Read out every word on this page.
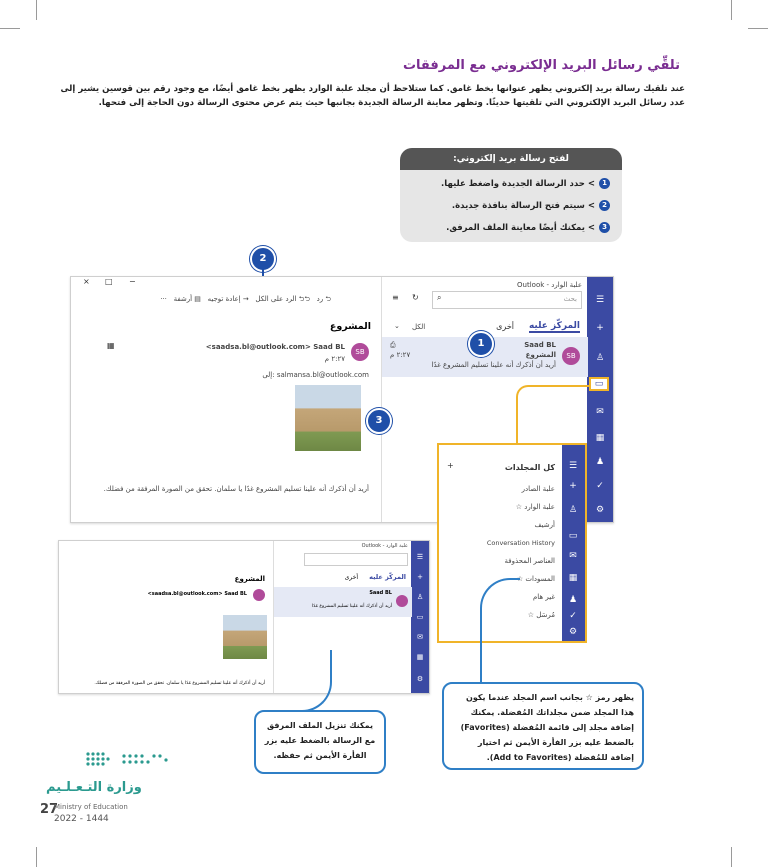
تلقِّي رسائل البريد الإلكتروني مع المرفقات
عند تلقيك رسالة بريد إلكتروني يظهر عنوانها بخط غامق. كما ستلاحظ أن مجلد علبة الوارد يظهر بخط غامق أيضًا، مع وجود رقم بين قوسين يشير إلى عدد رسائل البريد الإلكتروني التي تلقيتها حديثًا. وتظهر معاينة الرسالة الجديدة بجانبها حيث يتم عرض محتوى الرسالة دون الحاجة إلى فتحها.
لفتح رسالة بريد إلكتروني:
1> حدد الرسالة الجديدة واضغط عليها.
2> سيتم فتح الرسالة بنافذة جديدة.
3> يمكنك أيضًا معاينة الملف المرفق.
2
☰
+
♙
▭
✉
▦
♟
✓
⚙
علبة الوارد - Outlook
بحث
⌕
↻
≡
المركّز عليه
أخرى
الكل
⌄
SB
Saad BL
المشروع
أريد أن أذكرك أنه علينا تسليم المشروع غدًا
⎙
٢:٢٧ م
× □ −
⮌ رد   ⮌⮌ الرد على الكل   → إعادة توجيه   ▤ أرشفة   ···
المشروع
SB
<saadsa.bl@outlook.com> Saad BL
٢:٢٧ م
▦
إلى: salmansa.bl@outlook.com
أريد أن أذكرك أنه علينا تسليم المشروع غدًا يا سلمان. تحقق من الصورة المرفقة من فضلك.
1
3
☰
+
♙
▭
✉
▦
♟
✓
⚙
كل المجلدات
+
علبة الصادر
علبة الوارد ☆
أرشيف
Conversation History
العناصر المحذوفة
المسودات ☆
غير هام
مُرسَل ☆
☰
+
♙
▭
✉
▦
⚙
علبة الوارد - Outlook
المركّز عليه
أخرى
Saad BL
أريد أن أذكرك أنه علينا تسليم المشروع غدًا
المشروع
<saadsa.bl@outlook.com> Saad BL
أريد أن أذكرك أنه علينا تسليم المشروع غدًا يا سلمان. تحقق من الصورة المرفقة من فضلك.
يظهر رمز ☆ بجانب اسم المجلد عندما يكون هذا المجلد ضمن مجلداتك المُفضلة. يمكنك إضافة مجلد إلى قائمة المُفضلة (Favorites) بالضغط عليه بزر الفأرة الأيمن ثم اختيار إضافة للمُفضلة (Add to Favorites).
يمكنك تنزيل الملف المرفق مع الرسالة بالضغط عليه بزر الفأرة الأيمن ثم حفظه.
وزارة التـعـلـيم
27
Ministry of Education
2022 - 1444
